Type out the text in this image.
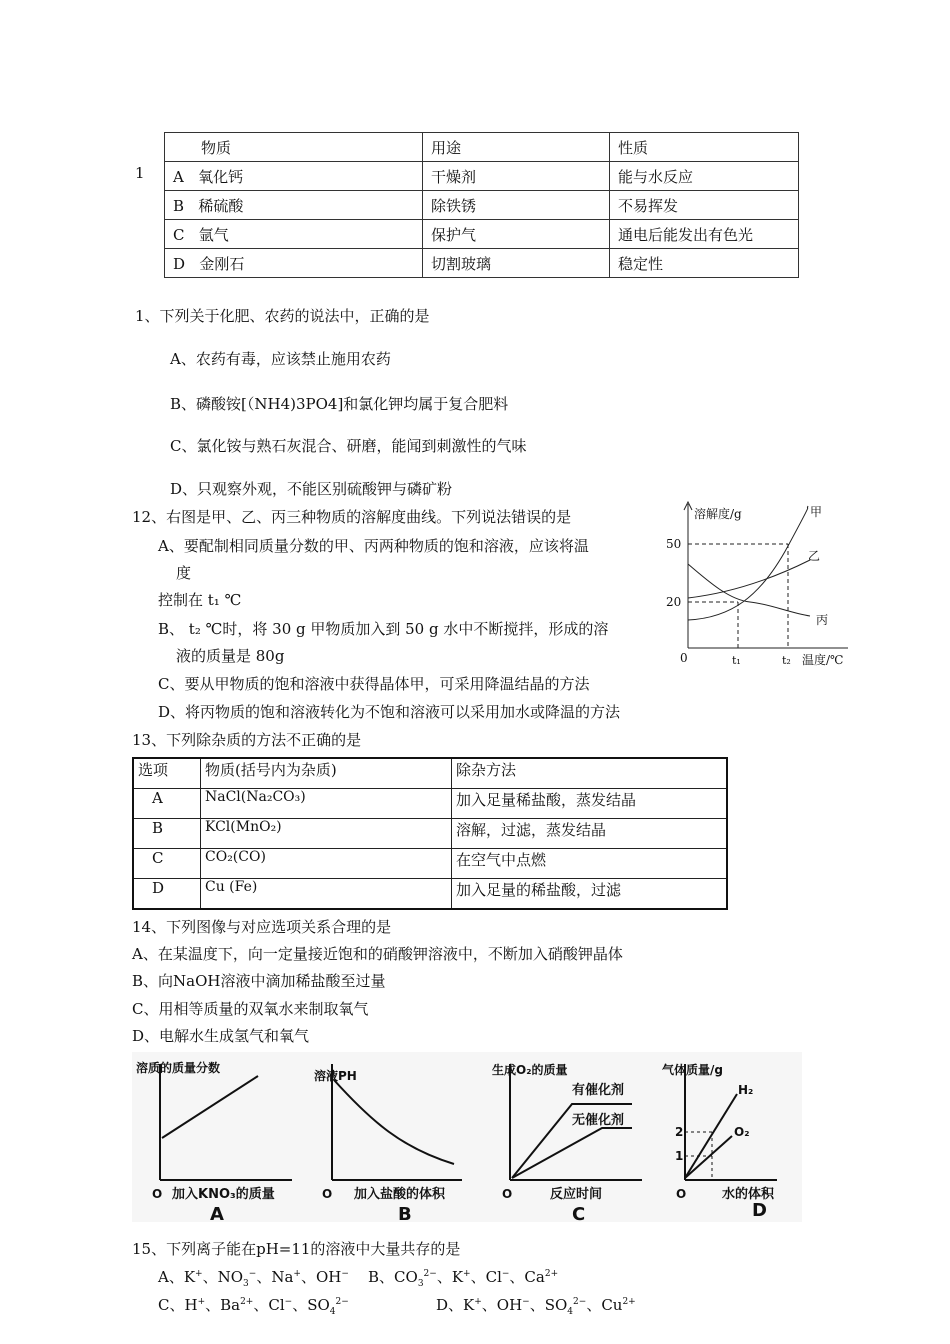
1
物质	用途	性质
A 氧化钙	干燥剂	能与水反应
B 稀硫酸	除铁锈	不易挥发
C 氩气	保护气	通电后能发出有色光
D 金刚石	切割玻璃	稳定性
1、下列关于化肥、农药的说法中，正确的是
A、农药有毒，应该禁止施用农药
B、磷酸铵[（NH4)3PO4]和氯化钾均属于复合肥料
C、氯化铵与熟石灰混合、研磨，能闻到刺激性的气味
D、只观察外观，不能区别硫酸钾与磷矿粉
12、右图是甲、乙、丙三种物质的溶解度曲线。下列说法错误的是
A、要配制相同质量分数的甲、丙两种物质的饱和溶液，应该将温
度
控制在 t₁ ℃
B、 t₂ ℃时，将 30 g 甲物质加入到 50 g 水中不断搅拌，形成的溶
液的质量是 80g
C、要从甲物质的饱和溶液中获得晶体甲，可采用降温结晶的方法
D、将丙物质的饱和溶液转化为不饱和溶液可以采用加水或降温的方法
溶解度/g
50
20
0	t₁	t₂ 温度/℃
甲
乙
丙
13、下列除杂质的方法不正确的是
选项	物质(括号内为杂质)	除杂方法
A	NaCl(Na₂CO₃)	加入足量稀盐酸，蒸发结晶
B	KCl(MnO₂)	溶解，过滤，蒸发结晶
C	CO₂(CO)	在空气中点燃
D	Cu (Fe)	加入足量的稀盐酸，过滤
14、下列图像与对应选项关系合理的是
A、在某温度下，向一定量接近饱和的硝酸钾溶液中，不断加入硝酸钾晶体
B、向NaOH溶液中滴加稀盐酸至过量
C、用相等质量的双氧水来制取氧气
D、电解水生成氢气和氧气
溶质的质量分数
加入KNO₃的质量
A
O
溶液PH
加入盐酸的体积
B
O
生成O₂的质量
有催化剂
无催化剂
反应时间
C
O
气体质量/g
H₂
O₂
2
1
水的体积
D
O
15、下列离子能在pH=11的溶液中大量共存的是
A、K+、$NO_3^-$、Na+、OH− B、$CO_3^{2-}$、K+、Cl−、$Ca^{2+}$
C、H+、$Ba^{2+}$、Cl−、$SO_4^{2-}$	D、K+、OH−、$SO_4^{2-}$、$Cu^{2+}$
